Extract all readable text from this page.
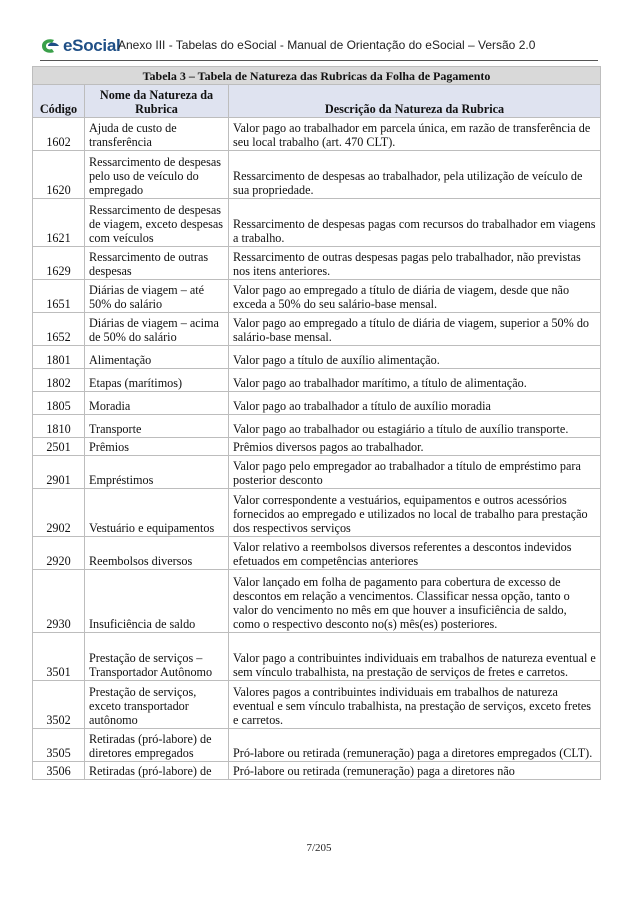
eSocial
Anexo III - Tabelas do eSocial - Manual de Orientação do eSocial – Versão 2.0
Tabela 3 – Tabela de Natureza das Rubricas da Folha de Pagamento		
Código	Nome da Natureza da Rubrica	Descrição da Natureza da Rubrica
1602	Ajuda de custo de transferência	Valor pago ao trabalhador em parcela única, em razão de transferência de seu local trabalho (art. 470 CLT).
1620	Ressarcimento de despesas pelo uso de veículo do empregado	Ressarcimento de despesas ao trabalhador, pela utilização de veículo de sua propriedade.
1621	Ressarcimento de despesas de viagem, exceto despesas com veículos	Ressarcimento de despesas pagas com recursos do trabalhador em viagens a trabalho.
1629	Ressarcimento de outras despesas	Ressarcimento de outras despesas pagas pelo trabalhador, não previstas nos itens anteriores.
1651	Diárias de viagem – até 50% do salário	Valor pago ao empregado a título de diária de viagem, desde que não exceda a 50% do seu salário-base mensal.
1652	Diárias de viagem – acima de 50% do salário	Valor pago ao empregado a título de diária de viagem, superior a 50% do salário-base mensal.
1801	Alimentação	Valor pago a título de auxílio alimentação.
1802	Etapas (marítimos)	Valor pago ao trabalhador marítimo, a título de alimentação.
1805	Moradia	Valor pago ao trabalhador a título de auxílio moradia
1810	Transporte	Valor pago ao trabalhador ou estagiário a título de auxílio transporte.
2501	Prêmios	Prêmios diversos pagos ao trabalhador.
2901	Empréstimos	Valor pago pelo empregador ao trabalhador a título de empréstimo para posterior desconto
2902	Vestuário e equipamentos	Valor correspondente a vestuários, equipamentos e outros acessórios fornecidos ao empregado e utilizados no local de trabalho para prestação dos respectivos serviços
2920	Reembolsos diversos	Valor relativo a reembolsos diversos referentes a descontos indevidos efetuados em competências anteriores
2930	Insuficiência de saldo	Valor lançado em folha de pagamento para cobertura de excesso de descontos em relação a vencimentos. Classificar nessa opção, tanto o valor do vencimento no mês em que houver a insuficiência de saldo, como o respectivo desconto no(s) mês(es) posteriores.
3501	Prestação de serviços – Transportador Autônomo	Valor pago a contribuintes individuais em trabalhos de natureza eventual e sem vínculo trabalhista, na prestação de serviços de fretes e carretos.
3502	Prestação de serviços, exceto transportador autônomo	Valores pagos a contribuintes individuais em trabalhos de natureza eventual e sem vínculo trabalhista, na prestação de serviços, exceto fretes e carretos.
3505	Retiradas (pró-labore) de diretores empregados	Pró-labore ou retirada (remuneração) paga a diretores empregados (CLT).
3506	Retiradas (pró-labore) de	Pró-labore ou retirada (remuneração) paga a diretores não
7/205
